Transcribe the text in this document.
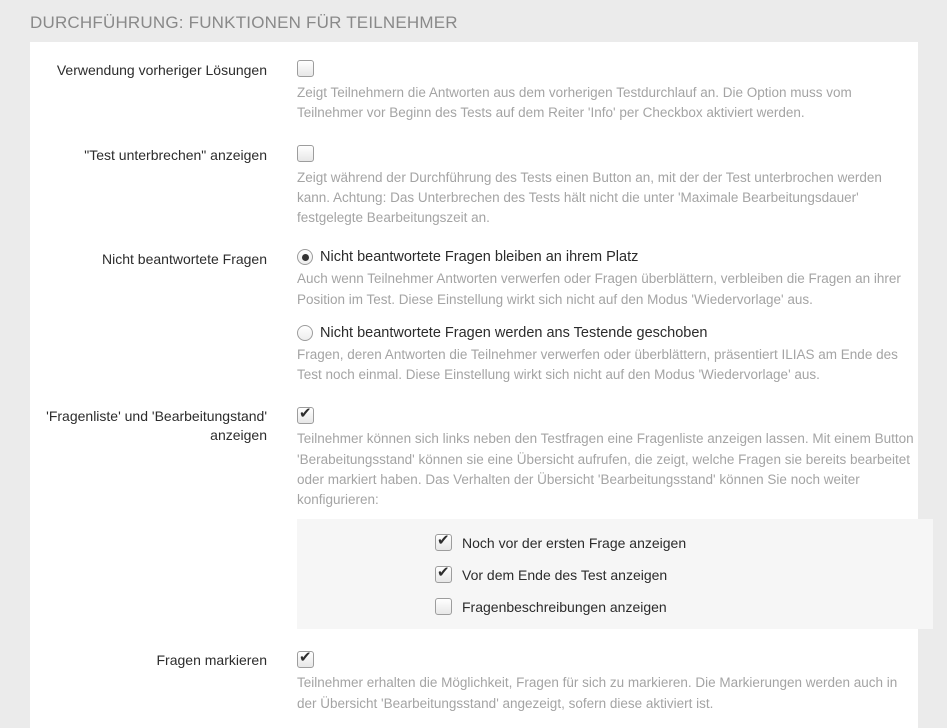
DURCHFÜHRUNG: FUNKTIONEN FÜR TEILNEHMER
Verwendung vorheriger Lösungen
Zeigt Teilnehmern die Antworten aus dem vorherigen Testdurchlauf an. Die Option muss vom Teilnehmer vor Beginn des Tests auf dem Reiter 'Info' per Checkbox aktiviert werden.
"Test unterbrechen" anzeigen
Zeigt während der Durchführung des Tests einen Button an, mit der der Test unterbrochen werden kann. Achtung: Das Unterbrechen des Tests hält nicht die unter 'Maximale Bearbeitungsdauer' festgelegte Bearbeitungszeit an.
Nicht beantwortete Fragen	Nicht beantwortete Fragen bleiben an ihrem Platz
Auch wenn Teilnehmer Antworten verwerfen oder Fragen überblättern, verbleiben die Fragen an ihrer Position im Test. Diese Einstellung wirkt sich nicht auf den Modus 'Wiedervorlage' aus.
Nicht beantwortete Fragen werden ans Testende geschoben
Fragen, deren Antworten die Teilnehmer verwerfen oder überblättern, präsentiert ILIAS am Ende des Test noch einmal. Diese Einstellung wirkt sich nicht auf den Modus 'Wiedervorlage' aus.
'Fragenliste' und 'Bearbeitungstand' anzeigen
✔ Teilnehmer können sich links neben den Testfragen eine Fragenliste anzeigen lassen. Mit einem Button 'Berabeitungsstand' können sie eine Übersicht aufrufen, die zeigt, welche Fragen sie bereits bearbeitet oder markiert haben. Das Verhalten der Übersicht 'Bearbeitungsstand' können Sie noch weiter konfigurieren:
✔
Noch vor der ersten Frage anzeigen
✔
Vor dem Ende des Test anzeigen
Fragenbeschreibungen anzeigen
Fragen markieren
✔
Teilnehmer erhalten die Möglichkeit, Fragen für sich zu markieren. Die Markierungen werden auch in der Übersicht 'Bearbeitungsstand' angezeigt, sofern diese aktiviert ist.
